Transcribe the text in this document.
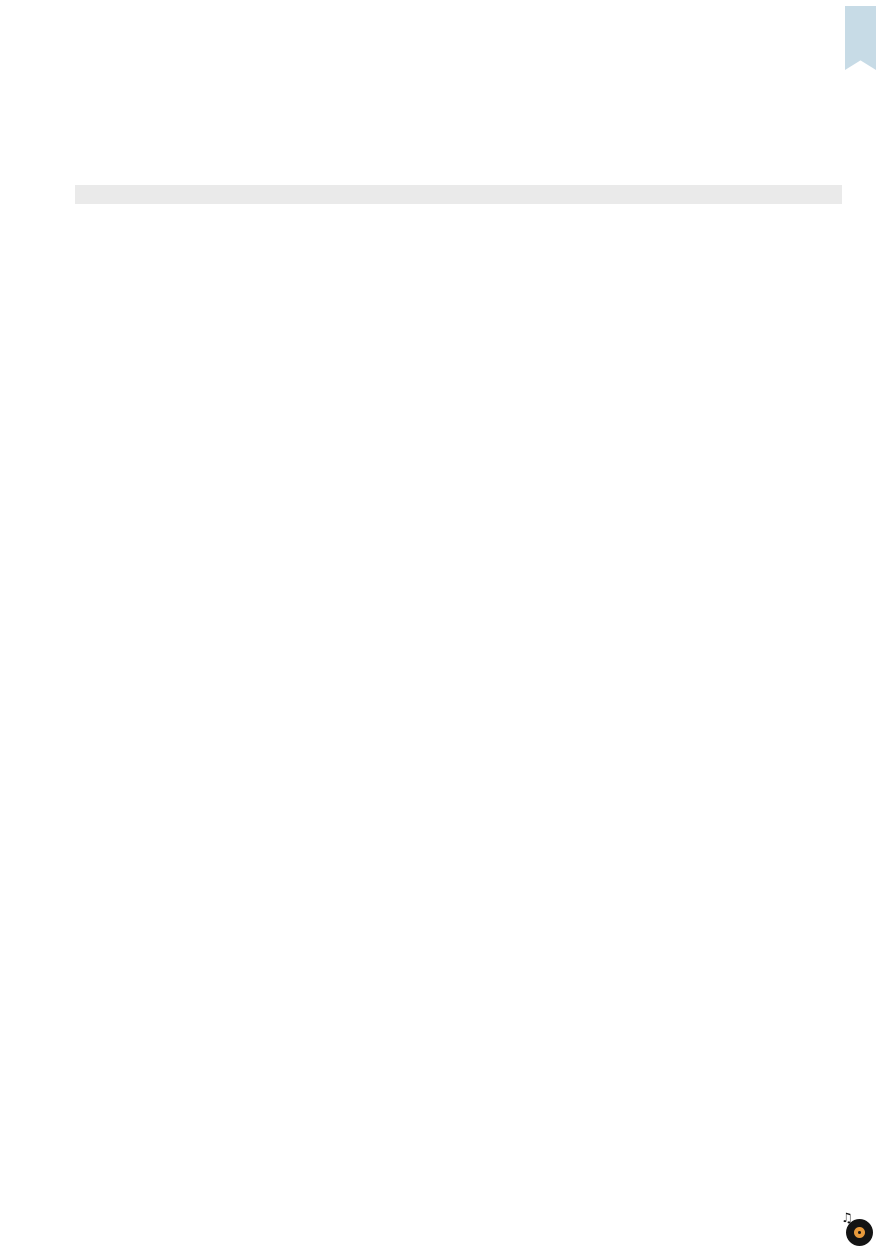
♫
